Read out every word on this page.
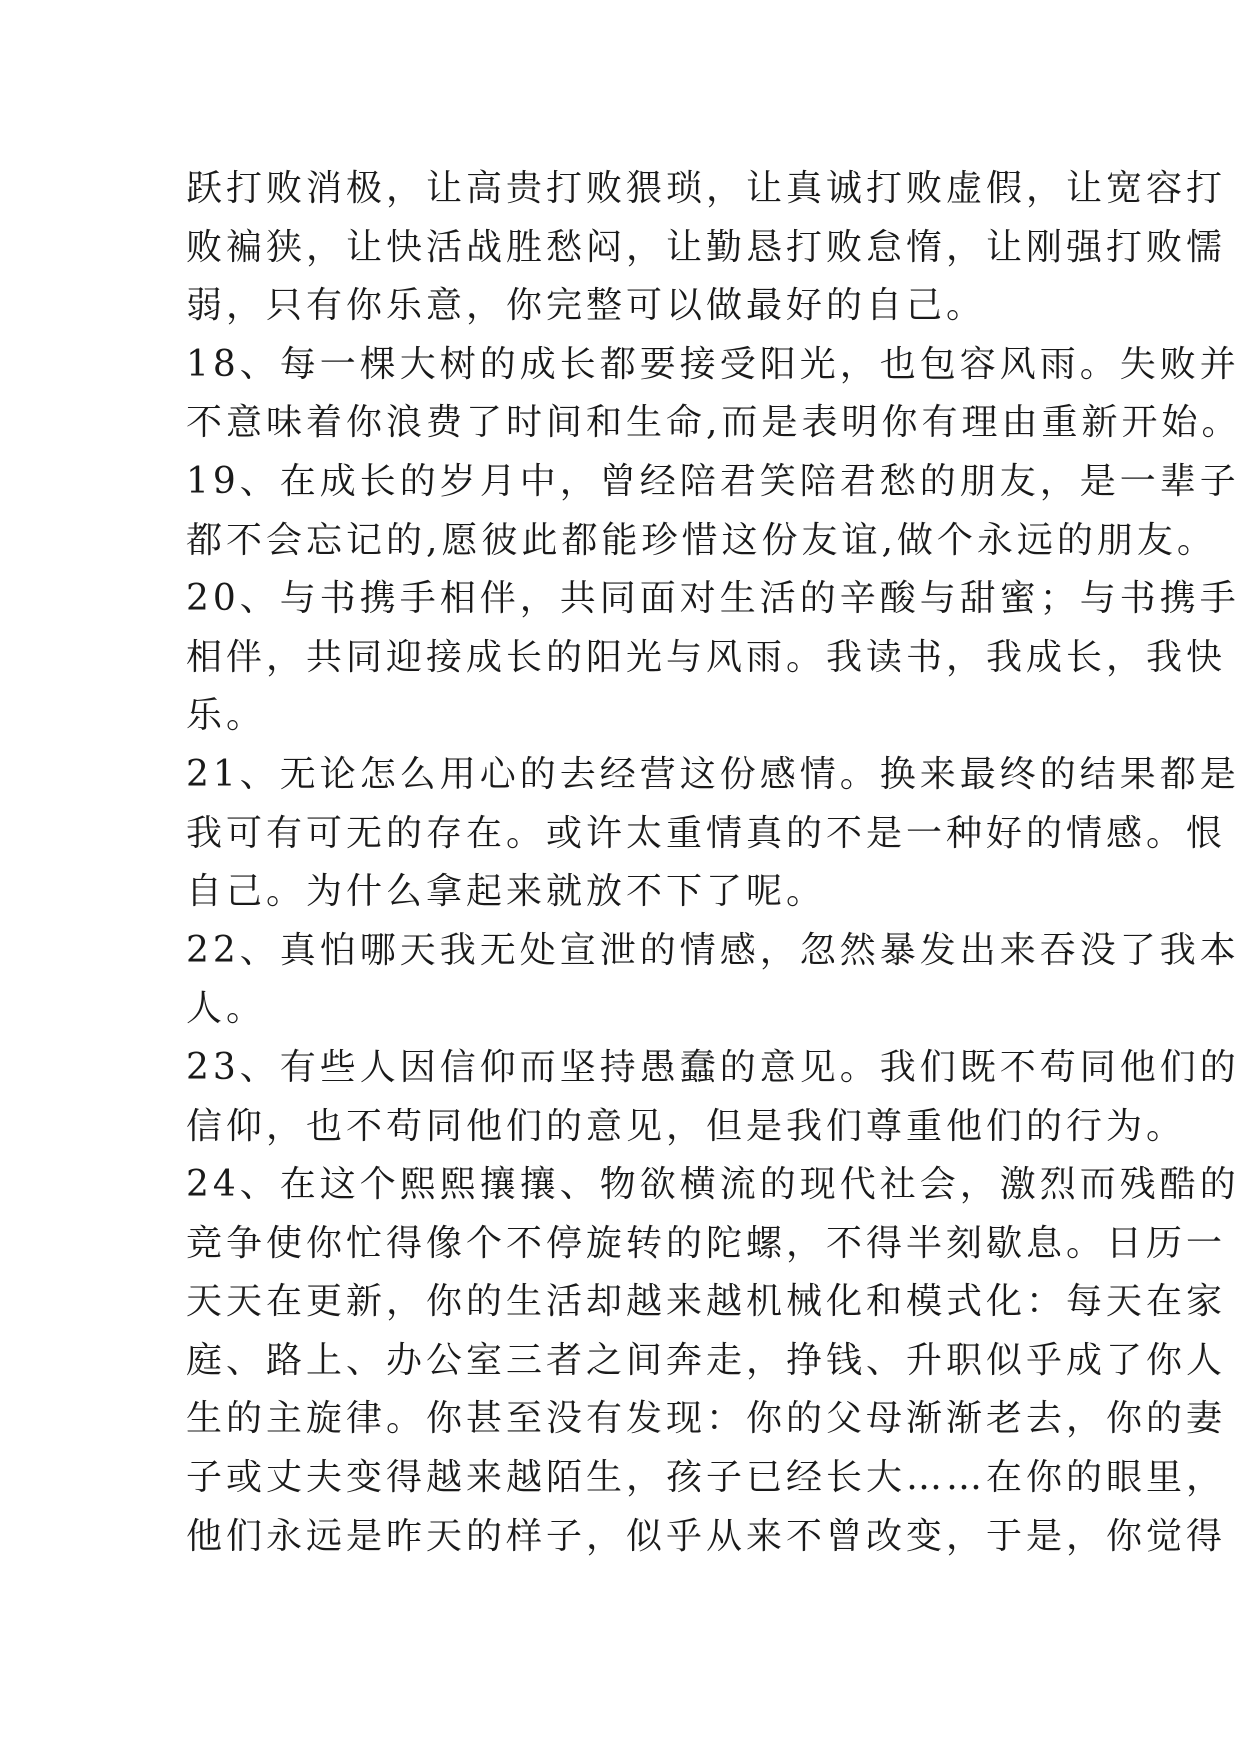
跃打败消极，让高贵打败猥琐，让真诚打败虚假，让宽容打
败褊狭，让快活战胜愁闷，让勤恳打败怠惰，让刚强打败懦
弱，只有你乐意，你完整可以做最好的自己。
18、每一棵大树的成长都要接受阳光，也包容风雨。失败并
不意味着你浪费了时间和生命,而是表明你有理由重新开始。
19、在成长的岁月中，曾经陪君笑陪君愁的朋友，是一辈子
都不会忘记的,愿彼此都能珍惜这份友谊,做个永远的朋友。
20、与书携手相伴，共同面对生活的辛酸与甜蜜；与书携手
相伴，共同迎接成长的阳光与风雨。我读书，我成长，我快
乐。
21、无论怎么用心的去经营这份感情。换来最终的结果都是
我可有可无的存在。或许太重情真的不是一种好的情感。恨
自己。为什么拿起来就放不下了呢。
22、真怕哪天我无处宣泄的情感，忽然暴发出来吞没了我本
人。
23、有些人因信仰而坚持愚蠢的意见。我们既不苟同他们的
信仰，也不苟同他们的意见，但是我们尊重他们的行为。
24、在这个熙熙攘攘、物欲横流的现代社会，激烈而残酷的
竞争使你忙得像个不停旋转的陀螺，不得半刻歇息。日历一
天天在更新，你的生活却越来越机械化和模式化：每天在家
庭、路上、办公室三者之间奔走，挣钱、升职似乎成了你人
生的主旋律。你甚至没有发现：你的父母渐渐老去，你的妻
子或丈夫变得越来越陌生，孩子已经长大……在你的眼里，
他们永远是昨天的样子，似乎从来不曾改变，于是，你觉得
